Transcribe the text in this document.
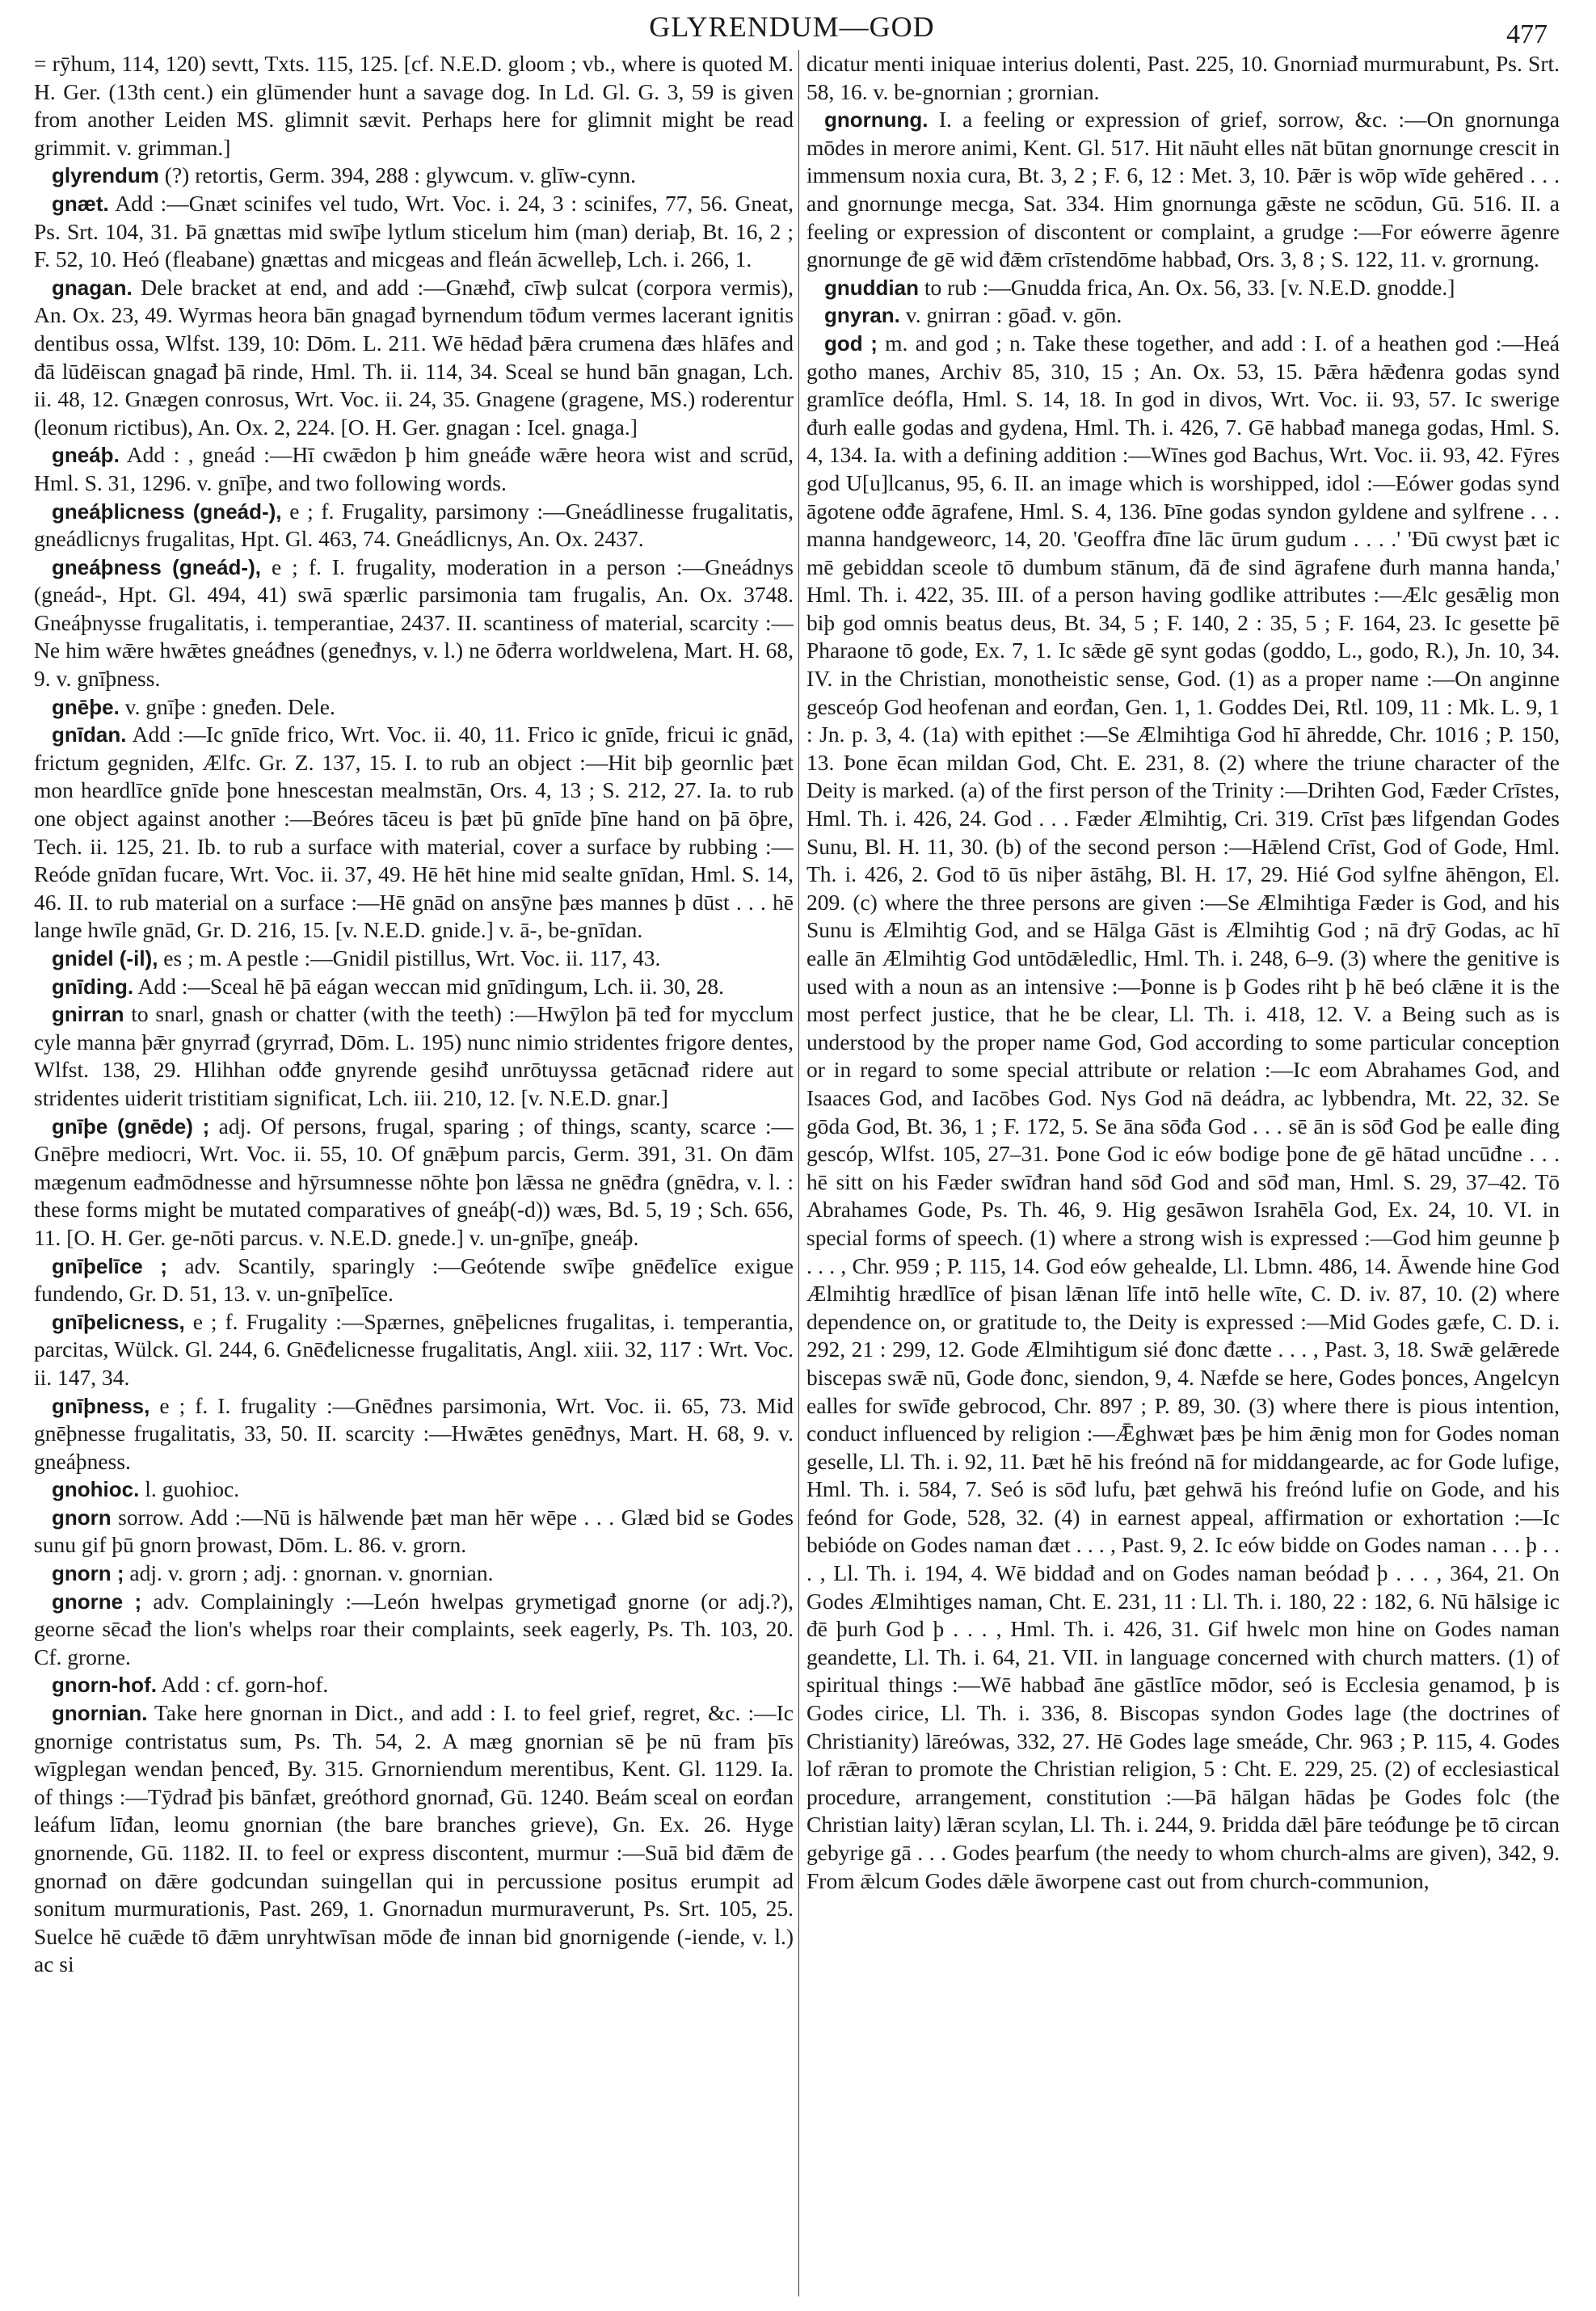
GLYRENDUM—GOD	477

= rȳhum, 114, 120) sevtt, Txts. 115, 125. [cf. N.E.D. gloom ; vb., where is quoted M. H. Ger. (13th cent.) ein glūmender hunt a savage dog. In Ld. Gl. G. 3, 59 is given from another Leiden MS. glimnit sævit. Perhaps here for glimnit might be read grimmit. v. grimman.]

glyrendum (?) retortis, Germ. 394, 288 : glywcum. v. glīw-cynn.

gnæt. Add :—Gnæt scinifes vel tudo, Wrt. Voc. i. 24, 3 : scinifes, 77, 56. Gneat, Ps. Srt. 104, 31. Þā gnættas mid swīþe lytlum sticelum him (man) deriaþ, Bt. 16, 2 ; F. 52, 10. Heó (fleabane) gnættas and micgeas and fleán ācwelleþ, Lch. i. 266, 1.

gnagan. Dele bracket at end, and add :—Gnæhđ, cīwþ sulcat (corpora vermis), An. Ox. 23, 49. Wyrmas heora bān gnagađ byrnendum tōđum vermes lacerant ignitis dentibus ossa, Wlfst. 139, 10: Dōm. L. 211. Wē hēdađ þǣra crumena đæs hlāfes and đā lūdēiscan gnagađ þā rinde, Hml. Th. ii. 114, 34. Sceal se hund bān gnagan, Lch. ii. 48, 12. Gnægen conrosus, Wrt. Voc. ii. 24, 35. Gnagene (gragene, MS.) roderentur (leonum rictibus), An. Ox. 2, 224. [O. H. Ger. gnagan : Icel. gnaga.]

gneáþ. Add : , gneád :—Hī cwǣdon þ him gneáđe wǣre heora wist and scrūd, Hml. S. 31, 1296. v. gnīþe, and two following words.

gneáþlicness (gneád-), e ; f. Frugality, parsimony :—Gneádlinesse frugalitatis, gneádlicnys frugalitas, Hpt. Gl. 463, 74. Gneádlicnys, An. Ox. 2437.

gneáþness (gneád-), e ; f. I. frugality, moderation in a person :—Gneádnys (gneád-, Hpt. Gl. 494, 41) swā spærlic parsimonia tam frugalis, An. Ox. 3748. Gneáþnysse frugalitatis, i. temperantiae, 2437. II. scantiness of material, scarcity :—Ne him wǣre hwǣtes gneáđnes (geneđnys, v. l.) ne ōđerra worldwelena, Mart. H. 68, 9. v. gnīþness.

gnēþe. v. gnīþe : gneđen. Dele.

gnīdan. Add :—Ic gnīde frico, Wrt. Voc. ii. 40, 11. Frico ic gnīde, fricui ic gnād, frictum gegniden, Ælfc. Gr. Z. 137, 15. I. to rub an object :—Hit biþ geornlic þæt mon heardlīce gnīde þone hnescestan mealmstān, Ors. 4, 13 ; S. 212, 27. Ia. to rub one object against another :—Beóres tāceu is þæt þū gnīde þīne hand on þā ōþre, Tech. ii. 125, 21. Ib. to rub a surface with material, cover a surface by rubbing :—Reóde gnīdan fucare, Wrt. Voc. ii. 37, 49. Hē hēt hine mid sealte gnīdan, Hml. S. 14, 46. II. to rub material on a surface :—Hē gnād on ansȳne þæs mannes þ dūst . . . hē lange hwīle gnād, Gr. D. 216, 15. [v. N.E.D. gnide.] v. ā-, be-gnīdan.

gnidel (-il), es ; m. A pestle :—Gnidil pistillus, Wrt. Voc. ii. 117, 43.

gnīding. Add :—Sceal hē þā eágan weccan mid gnīdingum, Lch. ii. 30, 28.

gnirran to snarl, gnash or chatter (with the teeth) :—Hwȳlon þā teđ for mycclum cyle manna þǣr gnyrrađ (gryrrađ, Dōm. L. 195) nunc nimio stridentes frigore dentes, Wlfst. 138, 29. Hlihhan ođđe gnyrende gesihđ unrōtuyssa getācnađ ridere aut stridentes uiderit tristitiam significat, Lch. iii. 210, 12. [v. N.E.D. gnar.]

gnīþe (gnēde) ; adj. Of persons, frugal, sparing ; of things, scanty, scarce :—Gnēþre mediocri, Wrt. Voc. ii. 55, 10. Of gnǣþum parcis, Germ. 391, 31. On đām mægenum eađmōdnesse and hȳrsumnesse nōhte þon lǣssa ne gnēđra (gnēdra, v. l. : these forms might be mutated comparatives of gneáþ(-d)) wæs, Bd. 5, 19 ; Sch. 656, 11. [O. H. Ger. ge-nōti parcus. v. N.E.D. gnede.] v. un-gnīþe, gneáþ.

gnīþelīce ; adv. Scantily, sparingly :—Geótende swīþe gnēđelīce exigue fundendo, Gr. D. 51, 13. v. un-gnīþelīce.

gnīþelicness, e ; f. Frugality :—Spærnes, gnēþelicnes frugalitas, i. temperantia, parcitas, Wülck. Gl. 244, 6. Gnēđelicnesse frugalitatis, Angl. xiii. 32, 117 : Wrt. Voc. ii. 147, 34.

gnīþness, e ; f. I. frugality :—Gnēđnes parsimonia, Wrt. Voc. ii. 65, 73. Mid gnēþnesse frugalitatis, 33, 50. II. scarcity :—Hwǣtes genēđnys, Mart. H. 68, 9. v. gneáþness.

gnohioc. l. guohioc.

gnorn sorrow. Add :—Nū is hālwende þæt man hēr wēpe . . . Glæd bid se Godes sunu gif þū gnorn þrowast, Dōm. L. 86. v. grorn.

gnorn ; adj. v. grorn ; adj. : gnornan. v. gnornian.

gnorne ; adv. Complainingly :—León hwelpas grymetigađ gnorne (or adj.?), geornе sēcađ the lion's whelps roar their complaints, seek eagerly, Ps. Th. 103, 20. Cf. grorne.

gnorn-hof. Add : cf. gorn-hof.

gnornian. Take here gnornan in Dict., and add : I. to feel grief, regret, &c. :—Ic gnornige contristatus sum, Ps. Th. 54, 2. A mæg gnornian sē þe nū fram þīs wīgplegan wendan þenceđ, By. 315. Grnorniendum merentibus, Kent. Gl. 1129. Ia. of things :—Tȳdrađ þis bānfæt, greóthord gnornađ, Gū. 1240. Beám sceal on eorđan leáfum līđan, leomu gnornian (the bare branches grieve), Gn. Ex. 26. Hyge gnornende, Gū. 1182. II. to feel or express discontent, murmur :—Suā bid đǣm đe gnornađ on đǣre godcundan suingellan qui in percussione positus erumpit ad sonitum murmurationis, Past. 269, 1. Gnornadun murmuraverunt, Ps. Srt. 105, 25. Suelce hē cuǣde tō đǣm unryhtwīsan mōde đe innan bid gnornigende (-iende, v. l.) ac si

dicatur menti iniquae interius dolenti, Past. 225, 10. Gnorniađ murmurabunt, Ps. Srt. 58, 16. v. be-gnornian ; grornian.

gnornung. I. a feeling or expression of grief, sorrow, &c. :—On gnornunga mōdes in merore animi, Kent. Gl. 517. Hit nāuht elles nāt būtan gnornunge crescit in immensum noxia cura, Bt. 3, 2 ; F. 6, 12 : Met. 3, 10. Þǣr is wōp wīde gehēred . . . and gnornunge mecga, Sat. 334. Him gnornunga gǣste ne scōdun, Gū. 516. II. a feeling or expression of discontent or complaint, a grudge :—For eówerre āgenre gnornunge đe gē wid đǣm crīstendōme habbađ, Ors. 3, 8 ; S. 122, 11. v. grornung.

gnuddian to rub :—Gnudda frica, An. Ox. 56, 33. [v. N.E.D. gnodde.]

gnyran. v. gnirran : gōađ. v. gōn.

god ; m. and god ; n. Take these together, and add : I. of a heathen god :—Heá gotho manes, Archiv 85, 310, 15 ; An. Ox. 53, 15. Þǣra hǣđenra godas synd gramlīce deófla, Hml. S. 14, 18. In god in divos, Wrt. Voc. ii. 93, 57. Ic swerige đurh ealle godas and gydena, Hml. Th. i. 426, 7. Gē habbađ manega godas, Hml. S. 4, 134. Ia. with a defining addition :—Wīnes god Bachus, Wrt. Voc. ii. 93, 42. Fȳres god U[u]lcanus, 95, 6. II. an image which is worshipped, idol :—Eówer godas synd āgotene ođđe āgrafene, Hml. S. 4, 136. Þīne godas syndon gyldene and sylfrene . . . manna handgeweorc, 14, 20. 'Geoffra đīne lāc ūrum gudum . . . .' 'Đū cwyst þæt ic mē gebiddan sceole tō dumbum stānum, đā đe sind āgrafene đurh manna handa,' Hml. Th. i. 422, 35. III. of a person having godlike attributes :—Ælc gesǣlig mon biþ god omnis beatus deus, Bt. 34, 5 ; F. 140, 2 : 35, 5 ; F. 164, 23. Ic gesette þē Pharaone tō gode, Ex. 7, 1. Ic sǣde gē synt godas (goddo, L., godo, R.), Jn. 10, 34. IV. in the Christian, monotheistic sense, God. (1) as a proper name :—On anginne gesceóp God heofenan and eorđan, Gen. 1, 1. Goddes Dei, Rtl. 109, 11 : Mk. L. 9, 1 : Jn. p. 3, 4. (1a) with epithet :—Se Ælmihtiga God hī āhredde, Chr. 1016 ; P. 150, 13. Þone ēcan mildan God, Cht. E. 231, 8. (2) where the triune character of the Deity is marked. (a) of the first person of the Trinity :—Drihten God, Fæder Crīstes, Hml. Th. i. 426, 24. God . . . Fæder Ælmihtig, Cri. 319. Crīst þæs lifgendan Godes Sunu, Bl. H. 11, 30. (b) of the second person :—Hǣlend Crīst, God of Gode, Hml. Th. i. 426, 2. God tō ūs niþer āstāhg, Bl. H. 17, 29. Hié God sylfne āhēngon, El. 209. (c) where the three persons are given :—Se Ælmihtiga Fæder is God, and his Sunu is Ælmihtig God, and se Hālga Gāst is Ælmihtig God ; nā đrȳ Godas, ac hī ealle ān Ælmihtig God untōdǣledlic, Hml. Th. i. 248, 6–9. (3) where the genitive is used with a noun as an intensive :—Þonne is þ Godes riht þ hē beó clǣne it is the most perfect justice, that he be clear, Ll. Th. i. 418, 12. V. a Being such as is understood by the proper name God, God according to some particular conception or in regard to some special attribute or relation :—Ic eom Abrahames God, and Isaaces God, and Iacōbes God. Nys God nā deádra, ac lybbendra, Mt. 22, 32. Se gōda God, Bt. 36, 1 ; F. 172, 5. Se āna sōđa God . . . sē ān is sōđ God þe ealle đing gescóp, Wlfst. 105, 27–31. Þone God ic eów bodige þone đe gē hātad uncūđne . . . hē sitt on his Fæder swīđran hand sōđ God and sōđ man, Hml. S. 29, 37–42. Tō Abrahames Gode, Ps. Th. 46, 9. Hig gesāwon Israhēla God, Ex. 24, 10. VI. in special forms of speech. (1) where a strong wish is expressed :—God him geunne þ . . . , Chr. 959 ; P. 115, 14. God eów gehealde, Ll. Lbmn. 486, 14. Āwende hine God Ælmihtig hrædlīce of þisan lǣnan līfe intō helle wīte, C. D. iv. 87, 10. (2) where dependence on, or gratitude to, the Deity is expressed :—Mid Godes gæfe, C. D. i. 292, 21 : 299, 12. Gode Ælmihtigum sié đonc đætte . . . , Past. 3, 18. Swǣ gelǣrede biscepas swǣ nū, Gode đonc, siendon, 9, 4. Næfde se here, Godes þonces, Angelcyn ealles for swīđe gebrocod, Chr. 897 ; P. 89, 30. (3) where there is pious intention, conduct influenced by religion :—Ǣghwæt þæs þe him ǣnig mon for Godes noman geselle, Ll. Th. i. 92, 11. Þæt hē his freónd nā for middangearde, ac for Gode lufige, Hml. Th. i. 584, 7. Seó is sōđ lufu, þæt gehwā his freónd lufie on Gode, and his feónd for Gode, 528, 32. (4) in earnest appeal, affirmation or exhortation :—Ic bebióde on Godes naman đæt . . . , Past. 9, 2. Ic eów bidde on Godes naman . . . þ . . . , Ll. Th. i. 194, 4. Wē biddađ and on Godes naman beódađ þ . . . , 364, 21. On Godes Ælmihtiges naman, Cht. E. 231, 11 : Ll. Th. i. 180, 22 : 182, 6. Nū hālsige ic đē þurh God þ . . . , Hml. Th. i. 426, 31. Gif hwelc mon hine on Godes naman geandette, Ll. Th. i. 64, 21. VII. in language concerned with church matters. (1) of spiritual things :—Wē habbađ āne gāstlīce mōdor, seó is Ecclesia genamod, þ is Godes cirice, Ll. Th. i. 336, 8. Biscopas syndon Godes lage (the doctrines of Christianity) lāreówas, 332, 27. Hē Godes lage smeáde, Chr. 963 ; P. 115, 4. Godes lof rǣran to promote the Christian religion, 5 : Cht. E. 229, 25. (2) of ecclesiastical procedure, arrangement, constitution :—Þā hālgan hādas þe Godes folc (the Christian laity) lǣran scylan, Ll. Th. i. 244, 9. Þridda dǣl þāre teóđunge þe tō circan gebyrige gā . . . Godes þearfum (the needy to whom church-alms are given), 342, 9. From ǣlcum Godes dǣle āworpene cast out from church-communion,
